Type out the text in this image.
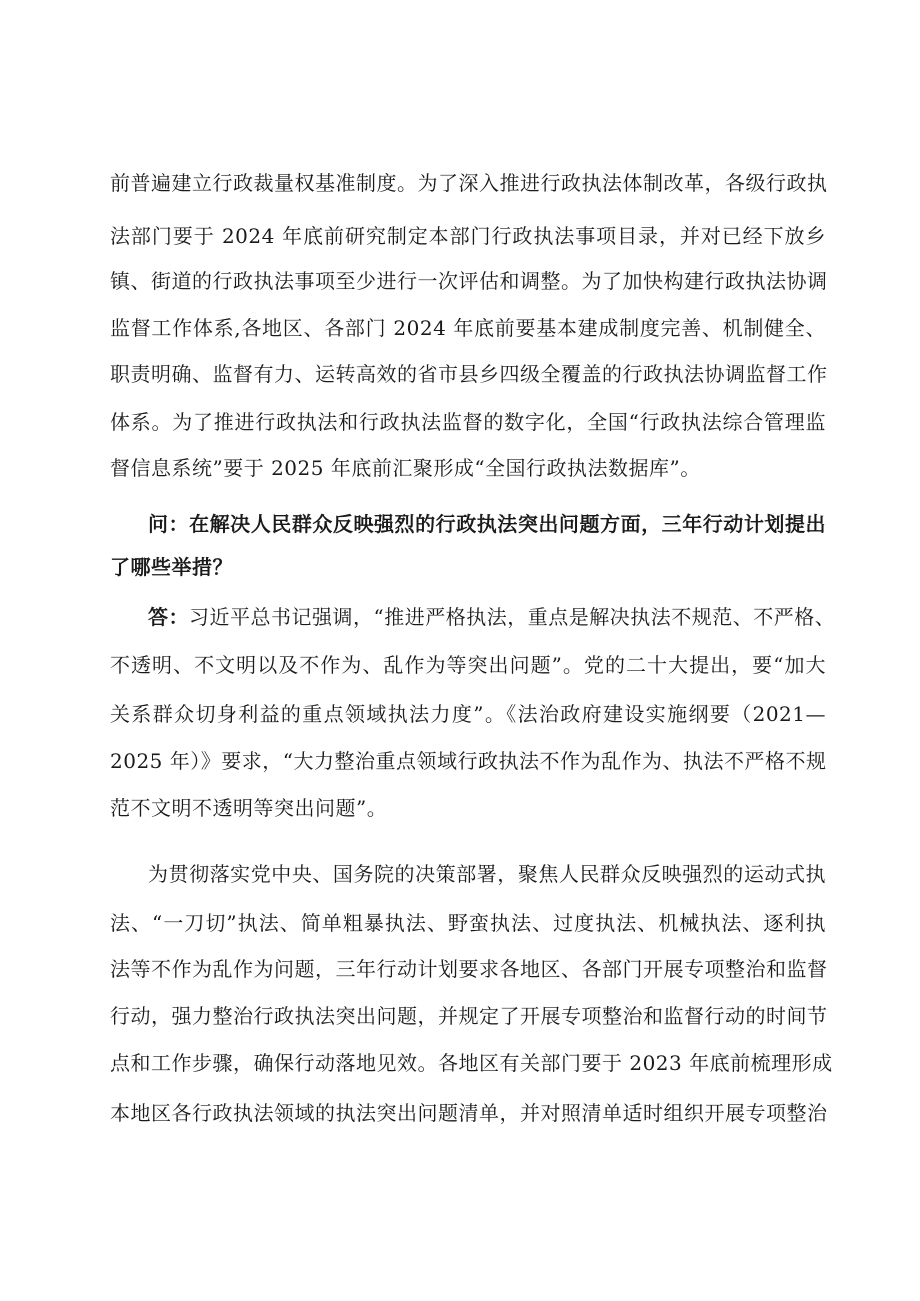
前普遍建立行政裁量权基准制度。为了深入推进行政执法体制改革，各级行政执
法部门要于 2024 年底前研究制定本部门行政执法事项目录，并对已经下放乡
镇、街道的行政执法事项至少进行一次评估和调整。为了加快构建行政执法协调
监督工作体系,各地区、各部门 2024 年底前要基本建成制度完善、机制健全、
职责明确、监督有力、运转高效的省市县乡四级全覆盖的行政执法协调监督工作
体系。为了推进行政执法和行政执法监督的数字化，全国“行政执法综合管理监
督信息系统”要于 2025 年底前汇聚形成“全国行政执法数据库”。
问：在解决人民群众反映强烈的行政执法突出问题方面，三年行动计划提出
了哪些举措？
答：习近平总书记强调，“推进严格执法，重点是解决执法不规范、不严格、
不透明、不文明以及不作为、乱作为等突出问题”。党的二十大提出，要“加大
关系群众切身利益的重点领域执法力度”。《法治政府建设实施纲要（2021—
2025 年）》要求，“大力整治重点领域行政执法不作为乱作为、执法不严格不规
范不文明不透明等突出问题”。
为贯彻落实党中央、国务院的决策部署，聚焦人民群众反映强烈的运动式执
法、“一刀切”执法、简单粗暴执法、野蛮执法、过度执法、机械执法、逐利执
法等不作为乱作为问题，三年行动计划要求各地区、各部门开展专项整治和监督
行动，强力整治行政执法突出问题，并规定了开展专项整治和监督行动的时间节
点和工作步骤，确保行动落地见效。各地区有关部门要于 2023 年底前梳理形成
本地区各行政执法领域的执法突出问题清单，并对照清单适时组织开展专项整治
